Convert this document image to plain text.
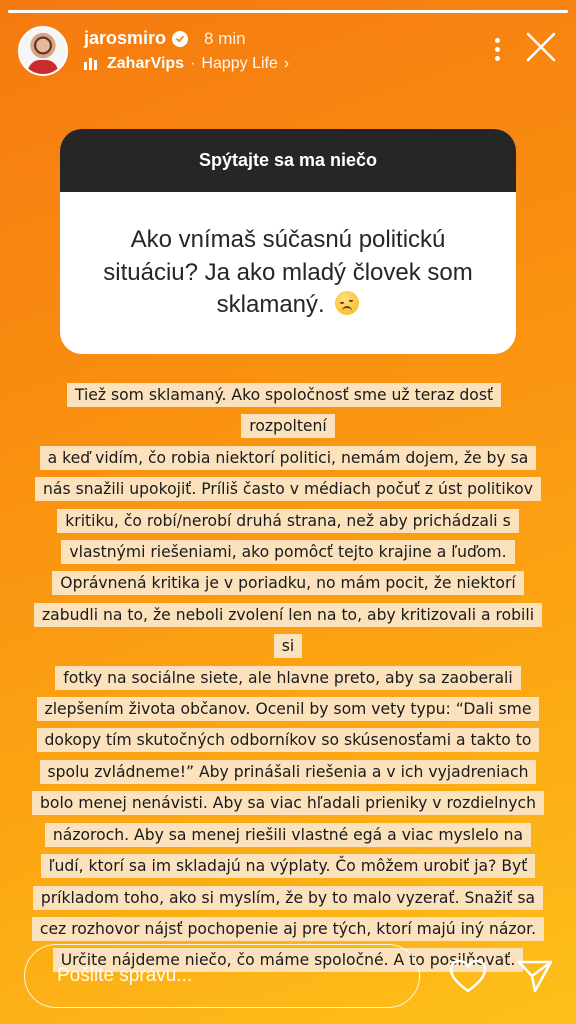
jarosmiro 8 min
ZaharVips · Happy Life ›
Spýtajte sa ma niečo
Ako vnímaš súčasnú politickú situáciu? Ja ako mladý človek som sklamaný.
Tiež som sklamaný. Ako spoločnosť sme už teraz dosť rozpoltení
a keď vidím, čo robia niektorí politici, nemám dojem, že by sa
nás snažili upokojiť. Príliš často v médiach počuť z úst politikov
kritiku, čo robí/nerobí druhá strana, než aby prichádzali s
vlastnými riešeniami, ako pomôcť tejto krajine a ľuďom.
Oprávnená kritika je v poriadku, no mám pocit, že niektorí
zabudli na to, že neboli zvolení len na to, aby kritizovali a robili si
fotky na sociálne siete, ale hlavne preto, aby sa zaoberali
zlepšením života občanov. Ocenil by som vety typu: “Dali sme
dokopy tím skutočných odborníkov so skúsenosťami a takto to
spolu zvládneme!” Aby prinášali riešenia a v ich vyjadreniach
bolo menej nenávisti. Aby sa viac hľadali prieniky v rozdielnych
názoroch. Aby sa menej riešili vlastné egá a viac myslelo na
ľudí, ktorí sa im skladajú na výplaty. Čo môžem urobiť ja? Byť
príkladom toho, ako si myslím, že by to malo vyzerať. Snažiť sa
cez rozhovor nájsť pochopenie aj pre tých, ktorí majú iný názor.
Určite nájdeme niečo, čo máme spoločné. A to posilňovať.
Pošlite správu...
